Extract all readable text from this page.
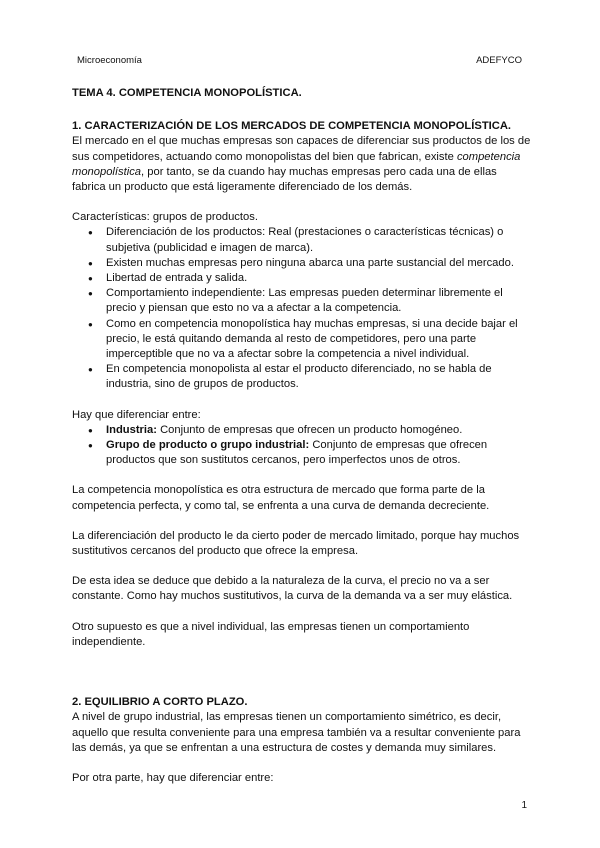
Microeconomía	ADEFYCO

TEMA 4. COMPETENCIA MONOPOLÍSTICA.

1. CARACTERIZACIÓN DE LOS MERCADOS DE COMPETENCIA MONOPOLÍSTICA.

El mercado en el que muchas empresas son capaces de diferenciar sus productos de los de sus competidores, actuando como monopolistas del bien que fabrican, existe competencia monopolística, por tanto, se da cuando hay muchas empresas pero cada una de ellas fabrica un producto que está ligeramente diferenciado de los demás.

Características: grupos de productos.

● Diferenciación de los productos: Real (prestaciones o características técnicas) o subjetiva (publicidad e imagen de marca).
● Existen muchas empresas pero ninguna abarca una parte sustancial del mercado.
● Libertad de entrada y salida.
● Comportamiento independiente: Las empresas pueden determinar libremente el precio y piensan que esto no va a afectar a la competencia.
● Como en competencia monopolística hay muchas empresas, si una decide bajar el precio, le está quitando demanda al resto de competidores, pero una parte imperceptible que no va a afectar sobre la competencia a nivel individual.
● En competencia monopolista al estar el producto diferenciado, no se habla de industria, sino de grupos de productos.

Hay que diferenciar entre:

● Industria: Conjunto de empresas que ofrecen un producto homogéneo.
● Grupo de producto o grupo industrial: Conjunto de empresas que ofrecen productos que son sustitutos cercanos, pero imperfectos unos de otros.

La competencia monopolística es otra estructura de mercado que forma parte de la competencia perfecta, y como tal, se enfrenta a una curva de demanda decreciente.

La diferenciación del producto le da cierto poder de mercado limitado, porque hay muchos sustitutivos cercanos del producto que ofrece la empresa.

De esta idea se deduce que debido a la naturaleza de la curva, el precio no va a ser constante. Como hay muchos sustitutivos, la curva de la demanda va a ser muy elástica.

Otro supuesto es que a nivel individual, las empresas tienen un comportamiento independiente.

2. EQUILIBRIO A CORTO PLAZO.

A nivel de grupo industrial, las empresas tienen un comportamiento simétrico, es decir, aquello que resulta conveniente para una empresa también va a resultar conveniente para las demás, ya que se enfrentan a una estructura de costes y demanda muy similares.

Por otra parte, hay que diferenciar entre:

1
